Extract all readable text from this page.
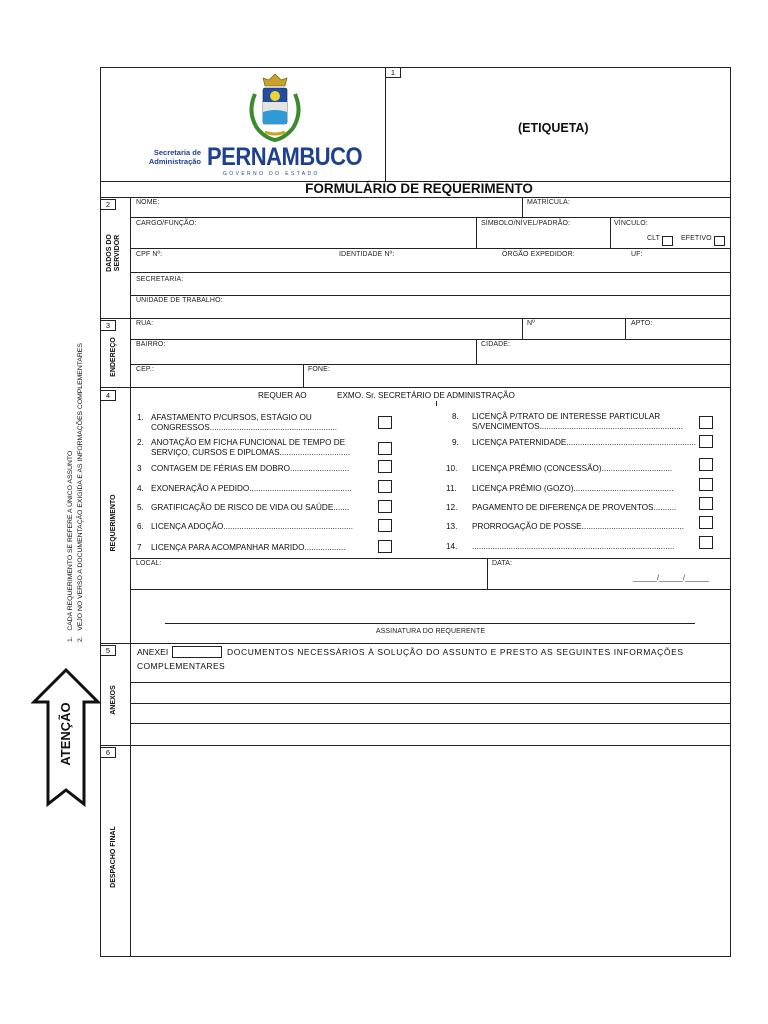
Secretaria de
Administração PERNAMBUCO
GOVERNO DO ESTADO
1
(ETIQUETA)
FORMULÁRIO DE REQUERIMENTO
2
DADOS DO
SERVIDOR
NOME:	MATRÍCULA:
CARGO/FUNÇÃO:	SÍMBOLO/NÍVEL/PADRÃO:	VÍNCULO:
CLT	EFETIVO
CPF Nº:	IDENTIDADE Nº:	ÓRGÃO EXPEDIDOR:	UF:
SECRETARIA:
UNIDADE DE TRABALHO:
3
ENDEREÇO
RUA:	Nº	APTO:
BAIRRO:	CIDADE:
CEP.:	FONE:
4
REQUERIMENTO
REQUER AO	EXMO. Sr. SECRETÁRIO DE ADMINISTRAÇÃO
1. AFASTAMENTO P/CURSOS, ESTÁGIO OU
CONGRESSOS........................................................
2. ANOTAÇÃO EM FICHA FUNCIONAL DE TEMPO DE
SERVIÇO, CURSOS E DIPLOMAS...............................
3 CONTAGEM DE FÉRIAS EM DOBRO..........................
4. EXONERAÇÃO A PEDIDO.............................................
5. GRATIFICAÇÃO DE RISCO DE VIDA OU SAÚDE.......
6. LICENÇA ADOÇÃO.........................................................
7 LICENÇA PARA ACOMPANHAR MARIDO..................
8. LICENÇÃ P/TRATO DE INTERESSE PARTICULAR
S/VENCIMENTOS...............................................................
9. LICENÇA PATERNIDADE.........................................................
10. LICENÇA PRÊMIO (CONCESSÃO)...............................
11. LICENÇA PRÊMIO (GOZO)............................................
12. PAGAMENTO DE DIFERENÇA DE PROVENTOS..........
13. PRORROGAÇÃO DE POSSE.............................................
14. .........................................................................................
LOCAL:	DATA:
______/______/______
ASSINATURA DO REQUERENTE
5
ANEXOS
ANEXEI	DOCUMENTOS NECESSÁRIOS À SOLUÇÃO DO ASSUNTO E PRESTO AS SEGUINTES INFORMAÇÕES
COMPLEMENTARES
6
DESPACHO FINAL
ATENÇÃO
1.   CADA REQUERIMENTO SE REFERE A ÚNICO ASSUNTO
2.   VEJO NO VERSO A DOCUMENTAÇÃO EXIGIDA E AS INFORMAÇÕES COMPLEMENTARES
